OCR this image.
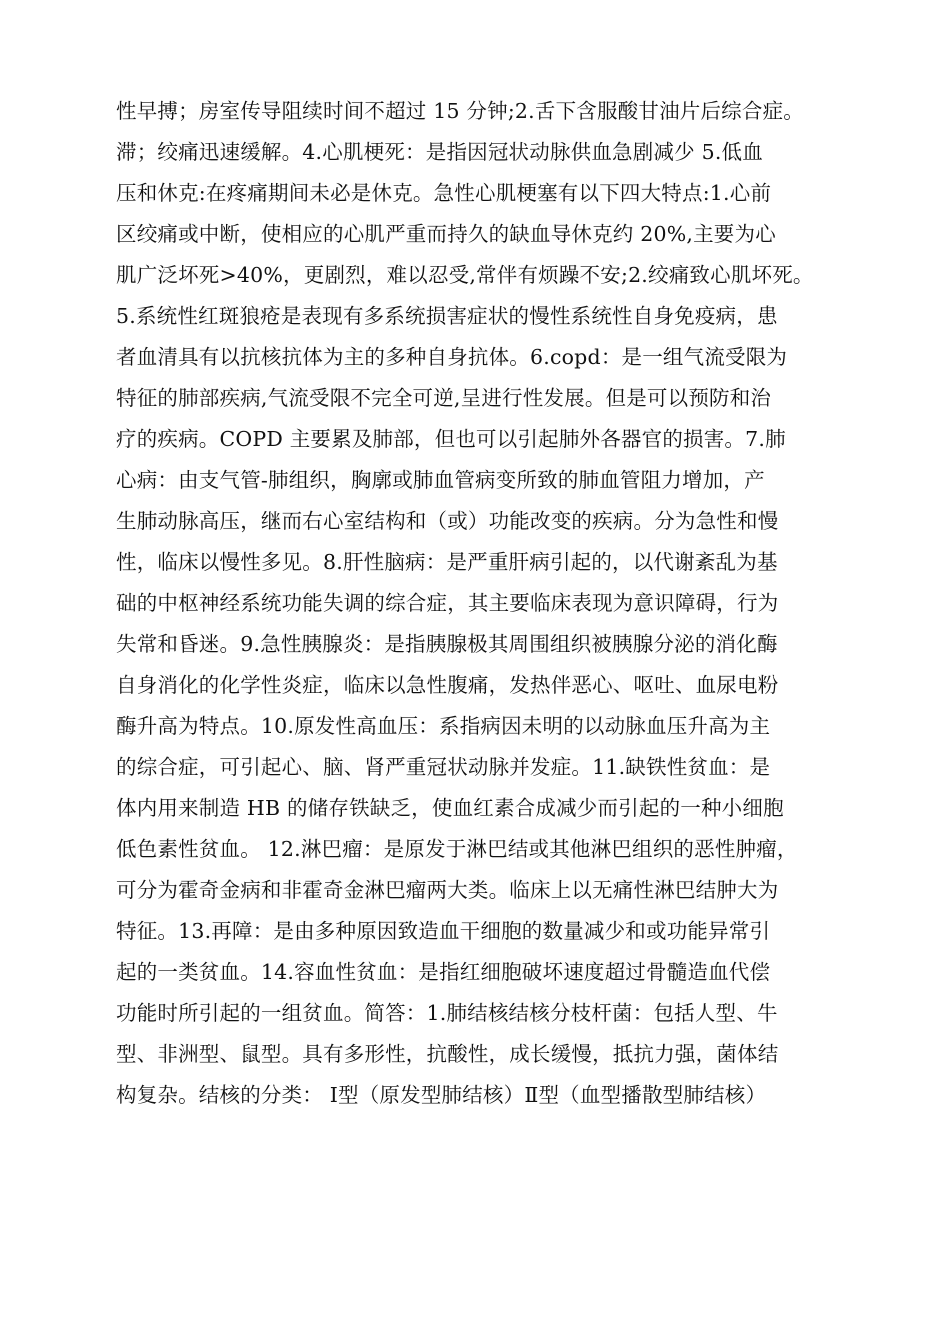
性早搏；房室传导阻续时间不超过 15 分钟;2.舌下含服酸甘油片后综合症。
滞；绞痛迅速缓解。4.心肌梗死：是指因冠状动脉供血急剧减少 5.低血
压和休克:在疼痛期间未必是休克。急性心肌梗塞有以下四大特点:1.心前
区绞痛或中断，使相应的心肌严重而持久的缺血导休克约 20%,主要为心
肌广泛坏死>40%，更剧烈，难以忍受,常伴有烦躁不安;2.绞痛致心肌坏死。
5.系统性红斑狼疮是表现有多系统损害症状的慢性系统性自身免疫病，患
者血清具有以抗核抗体为主的多种自身抗体。6.copd：是一组气流受限为
特征的肺部疾病,气流受限不完全可逆,呈进行性发展。但是可以预防和治
疗的疾病。COPD 主要累及肺部，但也可以引起肺外各器官的损害。7.肺
心病：由支气管-肺组织，胸廓或肺血管病变所致的肺血管阻力增加，产
生肺动脉高压，继而右心室结构和（或）功能改变的疾病。分为急性和慢
性，临床以慢性多见。8.肝性脑病：是严重肝病引起的，以代谢紊乱为基
础的中枢神经系统功能失调的综合症，其主要临床表现为意识障碍，行为
失常和昏迷。9.急性胰腺炎：是指胰腺极其周围组织被胰腺分泌的消化酶
自身消化的化学性炎症，临床以急性腹痛，发热伴恶心、呕吐、血尿电粉
酶升高为特点。10.原发性高血压：系指病因未明的以动脉血压升高为主
的综合症，可引起心、脑、肾严重冠状动脉并发症。11.缺铁性贫血：是
体内用来制造 HB 的储存铁缺乏，使血红素合成减少而引起的一种小细胞
低色素性贫血。 12.淋巴瘤：是原发于淋巴结或其他淋巴组织的恶性肿瘤，
可分为霍奇金病和非霍奇金淋巴瘤两大类。临床上以无痛性淋巴结肿大为
特征。13.再障：是由多种原因致造血干细胞的数量减少和或功能异常引
起的一类贫血。14.容血性贫血：是指红细胞破坏速度超过骨髓造血代偿
功能时所引起的一组贫血。简答：1.肺结核结核分枝杆菌：包括人型、牛
型、非洲型、鼠型。具有多形性，抗酸性，成长缓慢，抵抗力强，菌体结
构复杂。结核的分类： Ⅰ型（原发型肺结核）Ⅱ型（血型播散型肺结核）
